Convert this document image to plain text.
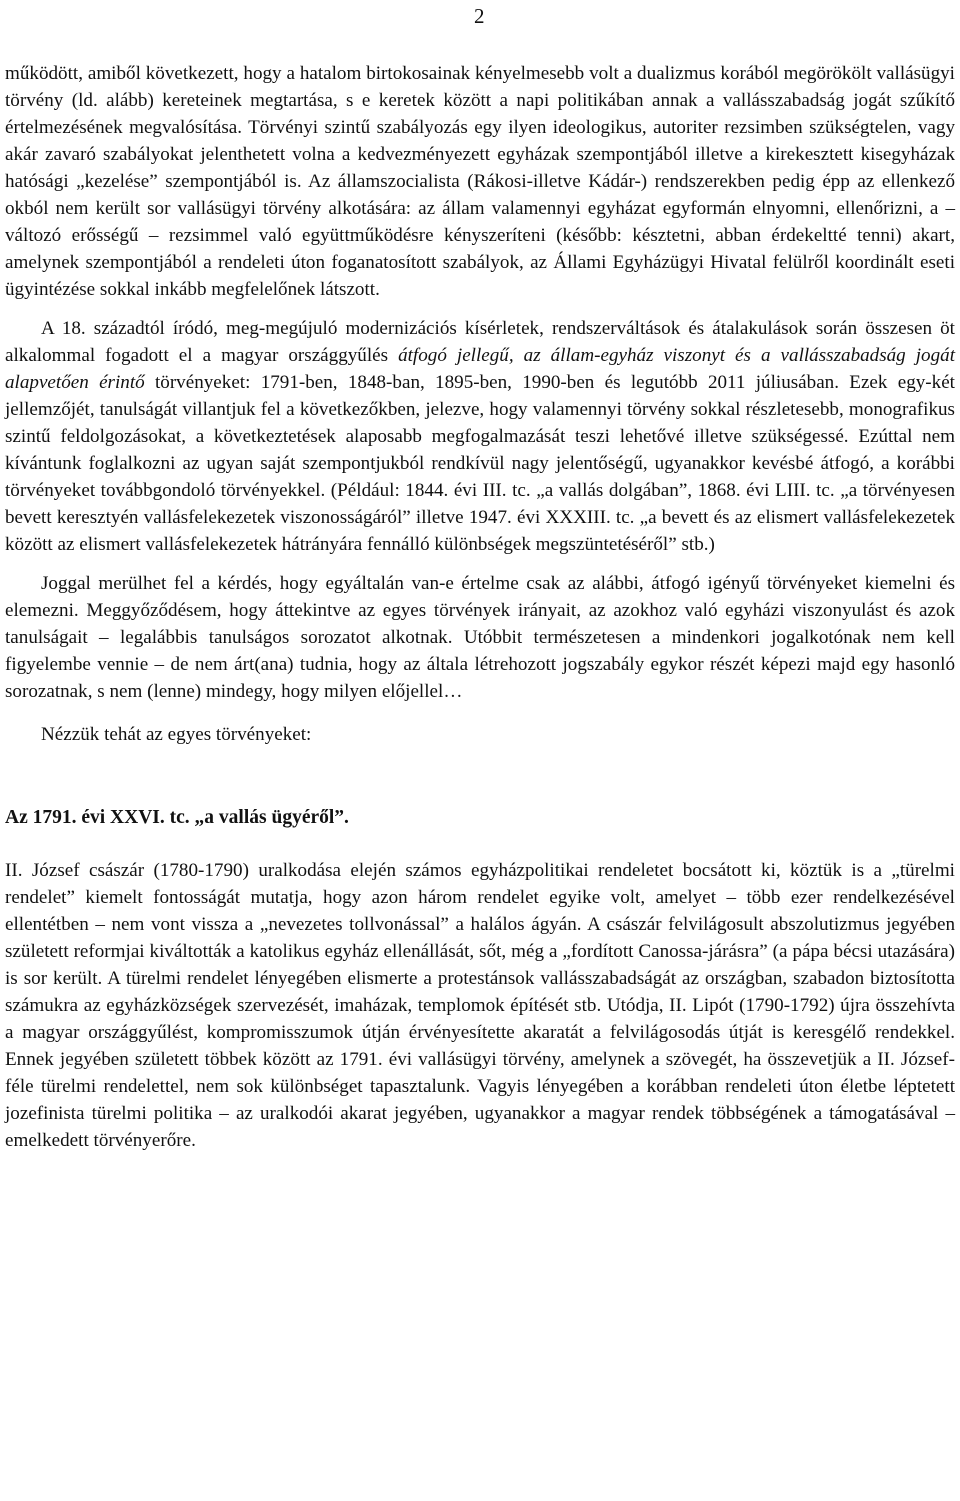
2

működött, amiből következett, hogy a hatalom birtokosainak kényelmesebb volt a dualizmus korából megörökölt vallásügyi törvény (ld. alább) kereteinek megtartása, s e keretek között a napi politikában annak a vallásszabadság jogát szűkítő értelmezésének megvalósítása. Törvényi szintű szabályozás egy ilyen ideologikus, autoriter rezsimben szükségtelen, vagy akár zavaró szabályokat jelenthetett volna a kedvezményezett egyházak szempontjából illetve a kirekesztett kisegyházak hatósági „kezelése” szempontjából is. Az államszocialista (Rákosi-illetve Kádár-) rendszerekben pedig épp az ellenkező okból nem került sor vallásügyi törvény alkotására: az állam valamennyi egyházat egyformán elnyomni, ellenőrizni, a – változó erősségű – rezsimmel való együttműködésre kényszeríteni (később: késztetni, abban érdekeltté tenni) akart, amelynek szempontjából a rendeleti úton foganatosított szabályok, az Állami Egyházügyi Hivatal felülről koordinált eseti ügyintézése sokkal inkább megfelelőnek látszott.

A 18. századtól íródó, meg-megújuló modernizációs kísérletek, rendszerváltások és átalakulások során összesen öt alkalommal fogadott el a magyar országgyűlés átfogó jellegű, az állam-egyház viszonyt és a vallásszabadság jogát alapvetően érintő törvényeket: 1791-ben, 1848-ban, 1895-ben, 1990-ben és legutóbb 2011 júliusában. Ezek egy-két jellemzőjét, tanulságát villantjuk fel a következőkben, jelezve, hogy valamennyi törvény sokkal részletesebb, monografikus szintű feldolgozásokat, a következtetések alaposabb megfogalmazását teszi lehetővé illetve szükségessé. Ezúttal nem kívántunk foglalkozni az ugyan saját szempontjukból rendkívül nagy jelentőségű, ugyanakkor kevésbé átfogó, a korábbi törvényeket továbbgondoló törvényekkel. (Például: 1844. évi III. tc. „a vallás dolgában”, 1868. évi LIII. tc. „a törvényesen bevett keresztyén vallásfelekezetek viszonosságáról” illetve 1947. évi XXXIII. tc. „a bevett és az elismert vallásfelekezetek között az elismert vallásfelekezetek hátrányára fennálló különbségek megszüntetéséről” stb.)

Joggal merülhet fel a kérdés, hogy egyáltalán van-e értelme csak az alábbi, átfogó igényű törvényeket kiemelni és elemezni. Meggyőződésem, hogy áttekintve az egyes törvények irányait, az azokhoz való egyházi viszonyulást és azok tanulságait – legalábbis tanulságos sorozatot alkotnak. Utóbbit természetesen a mindenkori jogalkotónak nem kell figyelembe vennie – de nem árt(ana) tudnia, hogy az általa létrehozott jogszabály egykor részét képezi majd egy hasonló sorozatnak, s nem (lenne) mindegy, hogy milyen előjellel…

Nézzük tehát az egyes törvényeket:

Az 1791. évi XXVI. tc. „a vallás ügyéről”.

II. József császár (1780-1790) uralkodása elején számos egyházpolitikai rendeletet bocsátott ki, köztük is a „türelmi rendelet” kiemelt fontosságát mutatja, hogy azon három rendelet egyike volt, amelyet – több ezer rendelkezésével ellentétben – nem vont vissza a „nevezetes tollvonással” a halálos ágyán. A császár felvilágosult abszolutizmus jegyében született reformjai kiváltották a katolikus egyház ellenállását, sőt, még a „fordított Canossa-járásra” (a pápa bécsi utazására) is sor került. A türelmi rendelet lényegében elismerte a protestánsok vallásszabadságát az országban, szabadon biztosította számukra az egyházközségek szervezését, imaházak, templomok építését stb. Utódja, II. Lipót (1790-1792) újra összehívta a magyar országgyűlést, kompromisszumok útján érvényesítette akaratát a felvilágosodás útját is keresgélő rendekkel. Ennek jegyében született többek között az 1791. évi vallásügyi törvény, amelynek a szövegét, ha összevetjük a II. József-féle türelmi rendelettel, nem sok különbséget tapasztalunk. Vagyis lényegében a korábban rendeleti úton életbe léptetett jozefinista türelmi politika – az uralkodói akarat jegyében, ugyanakkor a magyar rendek többségének a támogatásával – emelkedett törvényerőre.
